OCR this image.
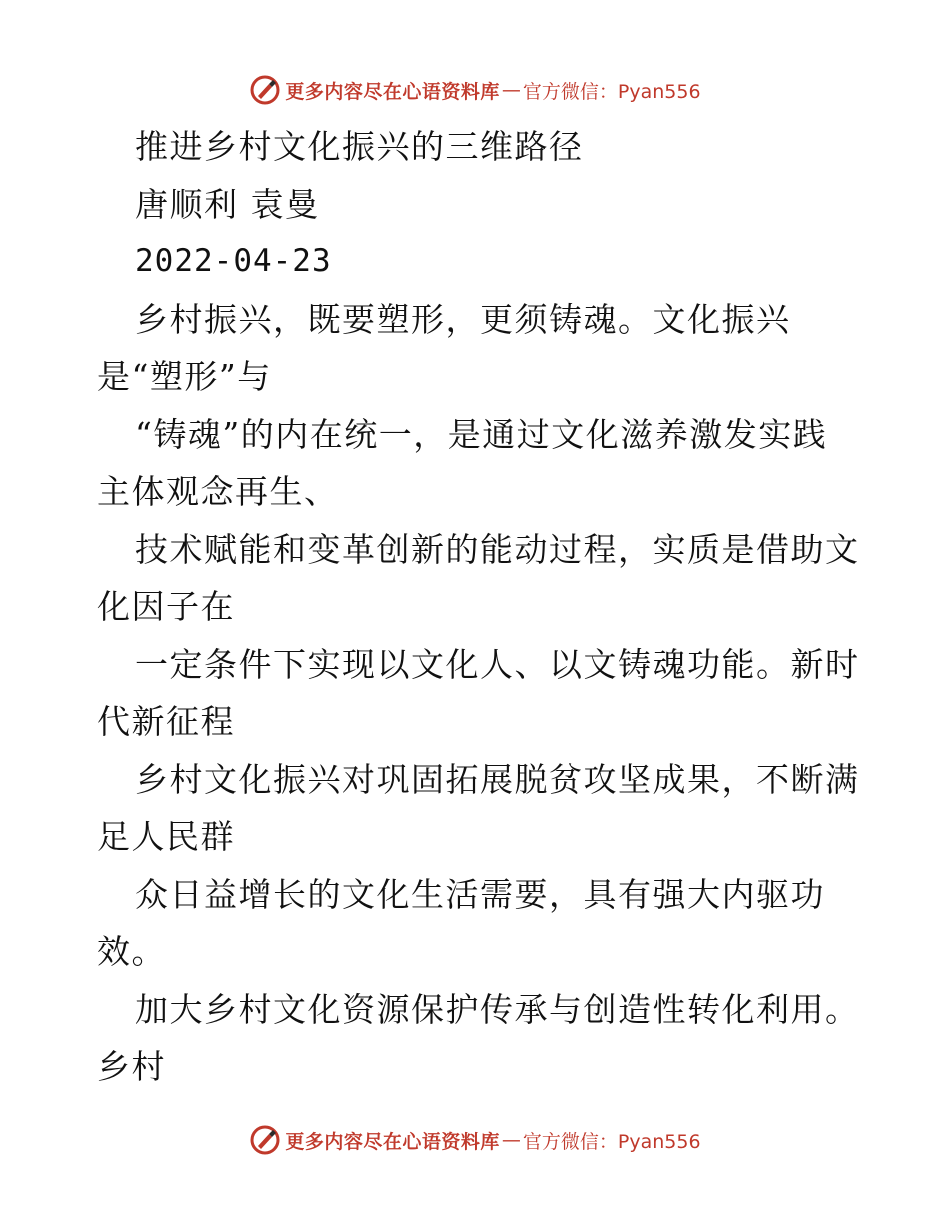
更多内容尽在心语资料库 — 官方微信：Pyan556
推进乡村文化振兴的三维路径
唐顺利 袁曼
2022-04-23
乡村振兴，既要塑形，更须铸魂。文化振兴
是“塑形”与
“铸魂”的内在统一，是通过文化滋养激发实践
主体观念再生、
技术赋能和变革创新的能动过程，实质是借助文
化因子在
一定条件下实现以文化人、以文铸魂功能。新时
代新征程
乡村文化振兴对巩固拓展脱贫攻坚成果，不断满
足人民群
众日益增长的文化生活需要，具有强大内驱功
效。
加大乡村文化资源保护传承与创造性转化利用。
乡村
更多内容尽在心语资料库 — 官方微信：Pyan556
